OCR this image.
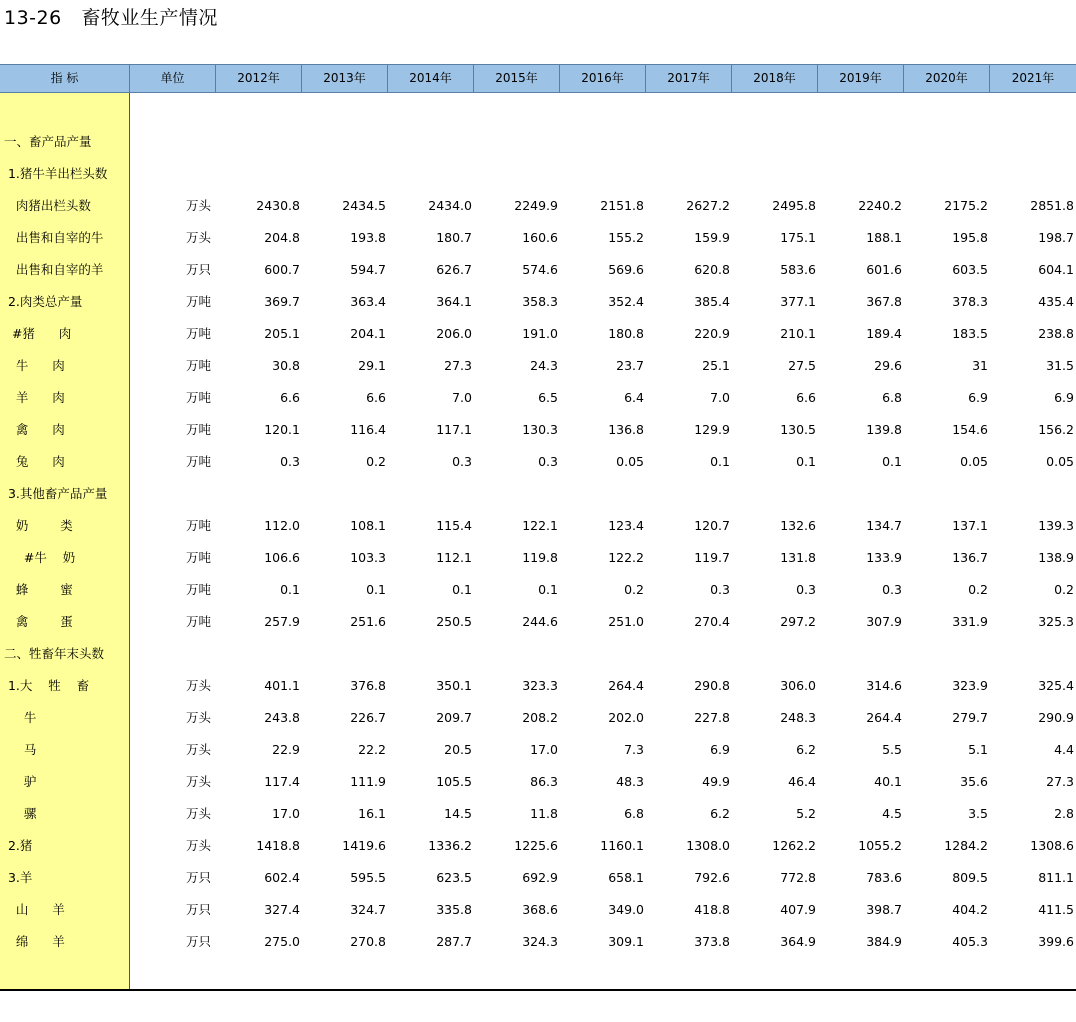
13-26   畜牧业生产情况
指 标	单位	2012年	2013年	2014年	2015年	2016年	2017年	2018年	2019年	2020年	2021年
一、畜产品产量
1.猪牛羊出栏头数
肉猪出栏头数	万头	2430.8	2434.5	2434.0	2249.9	2151.8	2627.2	2495.8	2240.2	2175.2	2851.8
出售和自宰的牛	万头	204.8	193.8	180.7	160.6	155.2	159.9	175.1	188.1	195.8	198.7
出售和自宰的羊	万只	600.7	594.7	626.7	574.6	569.6	620.8	583.6	601.6	603.5	604.1
2.肉类总产量	万吨	369.7	363.4	364.1	358.3	352.4	385.4	377.1	367.8	378.3	435.4
#猪      肉	万吨	205.1	204.1	206.0	191.0	180.8	220.9	210.1	189.4	183.5	238.8
牛      肉	万吨	30.8	29.1	27.3	24.3	23.7	25.1	27.5	29.6	31	31.5
羊      肉	万吨	6.6	6.6	7.0	6.5	6.4	7.0	6.6	6.8	6.9	6.9
禽      肉	万吨	120.1	116.4	117.1	130.3	136.8	129.9	130.5	139.8	154.6	156.2
兔      肉	万吨	0.3	0.2	0.3	0.3	0.05	0.1	0.1	0.1	0.05	0.05
3.其他畜产品产量
奶        类	万吨	112.0	108.1	115.4	122.1	123.4	120.7	132.6	134.7	137.1	139.3
#牛    奶	万吨	106.6	103.3	112.1	119.8	122.2	119.7	131.8	133.9	136.7	138.9
蜂        蜜	万吨	0.1	0.1	0.1	0.1	0.2	0.3	0.3	0.3	0.2	0.2
禽        蛋	万吨	257.9	251.6	250.5	244.6	251.0	270.4	297.2	307.9	331.9	325.3
二、牲畜年末头数
1.大    牲    畜	万头	401.1	376.8	350.1	323.3	264.4	290.8	306.0	314.6	323.9	325.4
牛	万头	243.8	226.7	209.7	208.2	202.0	227.8	248.3	264.4	279.7	290.9
马	万头	22.9	22.2	20.5	17.0	7.3	6.9	6.2	5.5	5.1	4.4
驴	万头	117.4	111.9	105.5	86.3	48.3	49.9	46.4	40.1	35.6	27.3
骡	万头	17.0	16.1	14.5	11.8	6.8	6.2	5.2	4.5	3.5	2.8
2.猪	万头	1418.8	1419.6	1336.2	1225.6	1160.1	1308.0	1262.2	1055.2	1284.2	1308.6
3.羊	万只	602.4	595.5	623.5	692.9	658.1	792.6	772.8	783.6	809.5	811.1
山      羊	万只	327.4	324.7	335.8	368.6	349.0	418.8	407.9	398.7	404.2	411.5
绵      羊	万只	275.0	270.8	287.7	324.3	309.1	373.8	364.9	384.9	405.3	399.6
